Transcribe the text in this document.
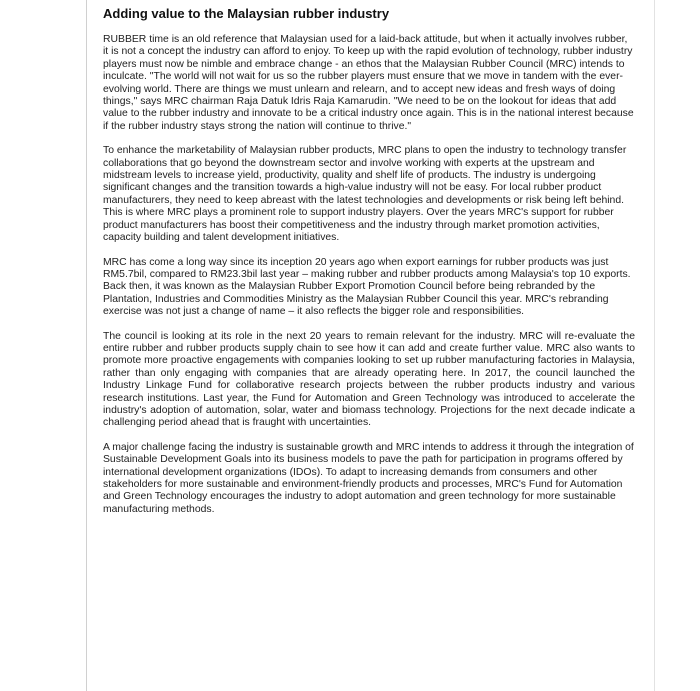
Adding value to the Malaysian rubber industry

RUBBER time is an old reference that Malaysian used for a laid-back attitude, but when it actually involves rubber, it is not a concept the industry can afford to enjoy. To keep up with the rapid evolution of technology, rubber industry players must now be nimble and embrace change - an ethos that the Malaysian Rubber Council (MRC) intends to inculcate. "The world will not wait for us so the rubber players must ensure that we move in tandem with the ever-evolving world. There are things we must unlearn and relearn, and to accept new ideas and fresh ways of doing things," says MRC chairman Raja Datuk Idris Raja Kamarudin. "We need to be on the lookout for ideas that add value to the rubber industry and innovate to be a critical industry once again. This is in the national interest because if the rubber industry stays strong the nation will continue to thrive."

To enhance the marketability of Malaysian rubber products, MRC plans to open the industry to technology transfer collaborations that go beyond the downstream sector and involve working with experts at the upstream and midstream levels to increase yield, productivity, quality and shelf life of products. The industry is undergoing significant changes and the transition towards a high-value industry will not be easy. For local rubber product manufacturers, they need to keep abreast with the latest technologies and developments or risk being left behind. This is where MRC plays a prominent role to support industry players. Over the years MRC's support for rubber product manufacturers has boost their competitiveness and the industry through market promotion activities, capacity building and talent development initiatives.

MRC has come a long way since its inception 20 years ago when export earnings for rubber products was just RM5.7bil, compared to RM23.3bil last year – making rubber and rubber products among Malaysia's top 10 exports. Back then, it was known as the Malaysian Rubber Export Promotion Council before being rebranded by the Plantation, Industries and Commodities Ministry as the Malaysian Rubber Council this year. MRC's rebranding exercise was not just a change of name – it also reflects the bigger role and responsibilities.

The council is looking at its role in the next 20 years to remain relevant for the industry. MRC will re-evaluate the entire rubber and rubber products supply chain to see how it can add and create further value. MRC also wants to promote more proactive engagements with companies looking to set up rubber manufacturing factories in Malaysia, rather than only engaging with companies that are already operating here. In 2017, the council launched the Industry Linkage Fund for collaborative research projects between the rubber products industry and various research institutions. Last year, the Fund for Automation and Green Technology was introduced to accelerate the industry's adoption of automation, solar, water and biomass technology. Projections for the next decade indicate a challenging period ahead that is fraught with uncertainties.

A major challenge facing the industry is sustainable growth and MRC intends to address it through the integration of Sustainable Development Goals into its business models to pave the path for participation in programs offered by international development organizations (IDOs). To adapt to increasing demands from consumers and other stakeholders for more sustainable and environment-friendly products and processes, MRC's Fund for Automation and Green Technology encourages the industry to adopt automation and green technology for more sustainable manufacturing methods.
